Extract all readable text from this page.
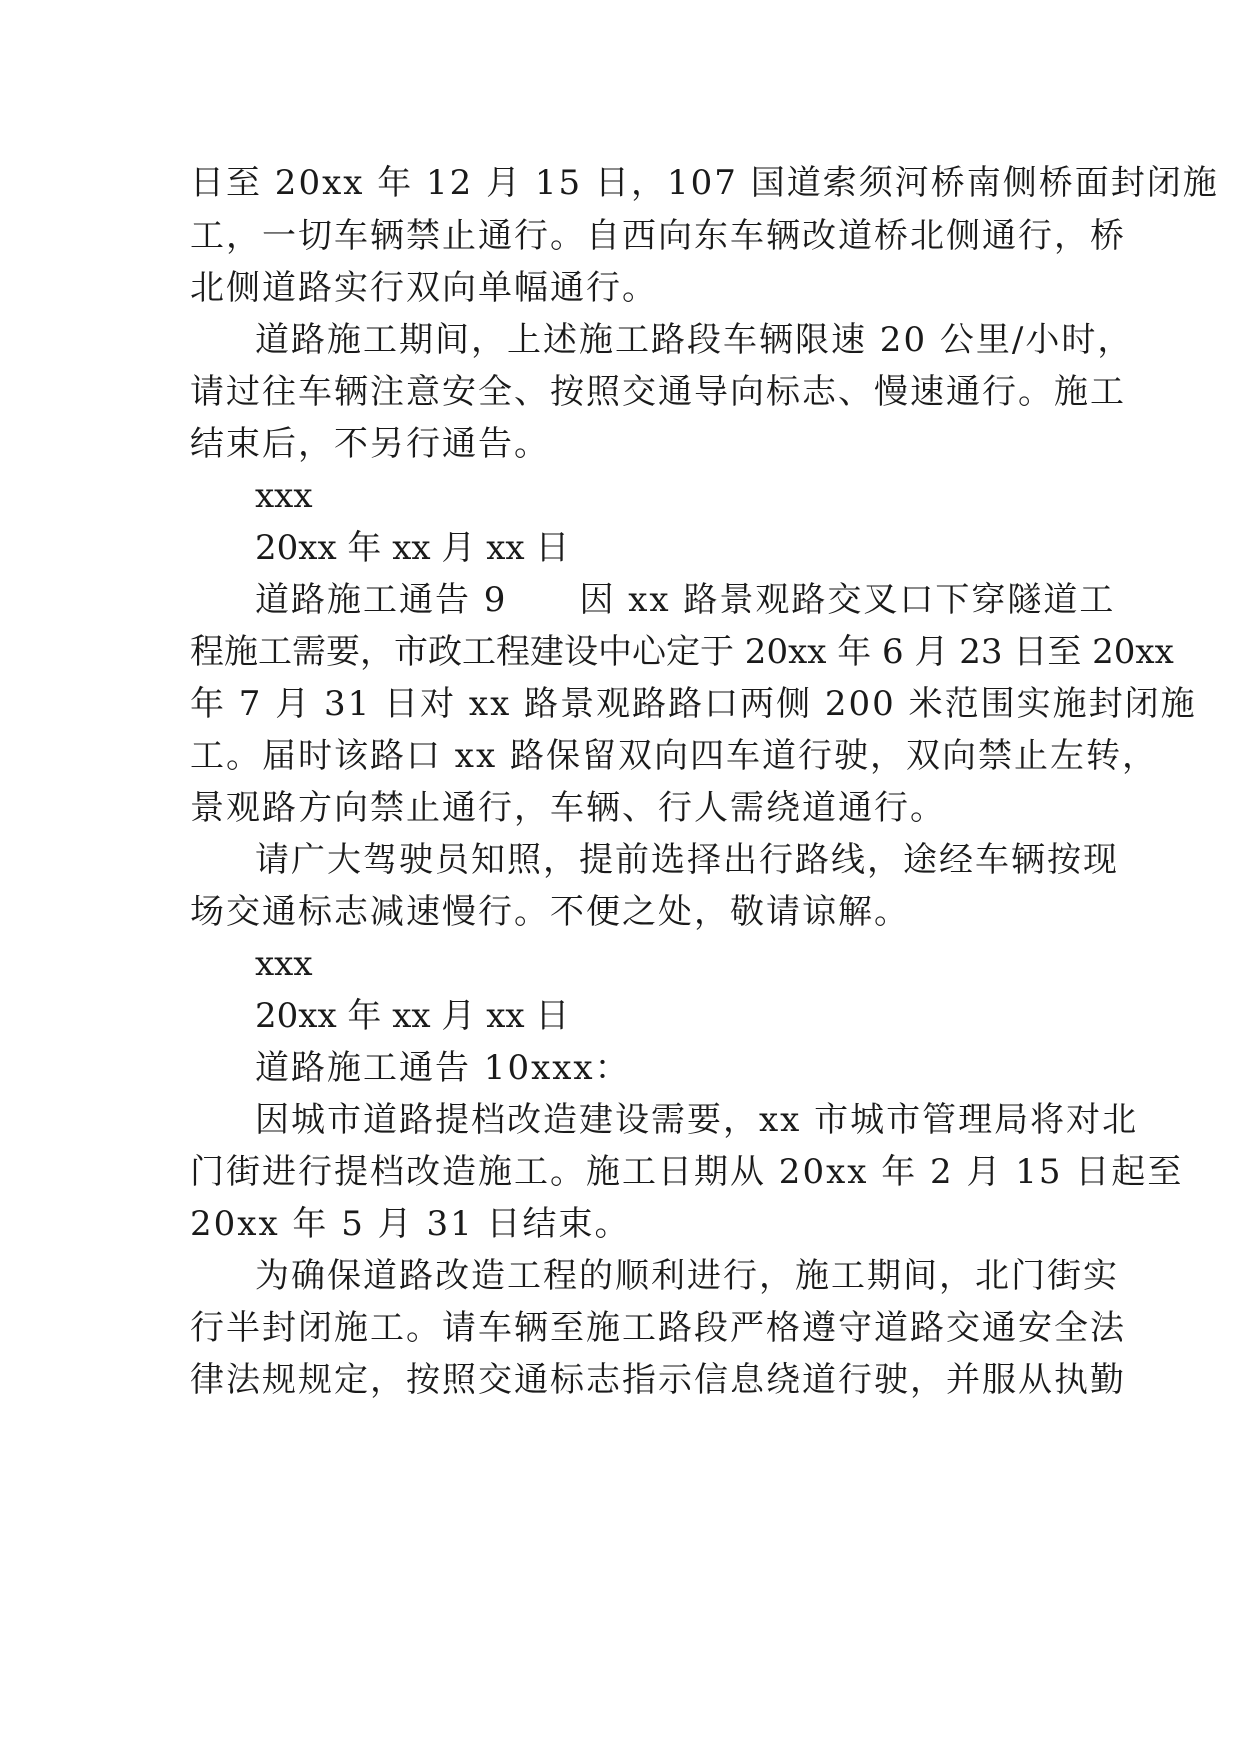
日至 20xx 年 12 月 15 日，107 国道索须河桥南侧桥面封闭施
工，一切车辆禁止通行。自西向东车辆改道桥北侧通行，桥
北侧道路实行双向单幅通行。
道路施工期间，上述施工路段车辆限速 20 公里/小时，
请过往车辆注意安全、按照交通导向标志、慢速通行。施工
结束后，不另行通告。
xxx
20xx 年 xx 月 xx 日
道路施工通告 9　　因 xx 路景观路交叉口下穿隧道工
程施工需要，市政工程建设中心定于 20xx 年 6 月 23 日至 20xx
年 7 月 31 日对 xx 路景观路路口两侧 200 米范围实施封闭施
工。届时该路口 xx 路保留双向四车道行驶，双向禁止左转，
景观路方向禁止通行，车辆、行人需绕道通行。
请广大驾驶员知照，提前选择出行路线，途经车辆按现
场交通标志减速慢行。不便之处，敬请谅解。
xxx
20xx 年 xx 月 xx 日
道路施工通告 10xxx：
因城市道路提档改造建设需要，xx 市城市管理局将对北
门街进行提档改造施工。施工日期从 20xx 年 2 月 15 日起至
20xx 年 5 月 31 日结束。
为确保道路改造工程的顺利进行，施工期间，北门街实
行半封闭施工。请车辆至施工路段严格遵守道路交通安全法
律法规规定，按照交通标志指示信息绕道行驶，并服从执勤
